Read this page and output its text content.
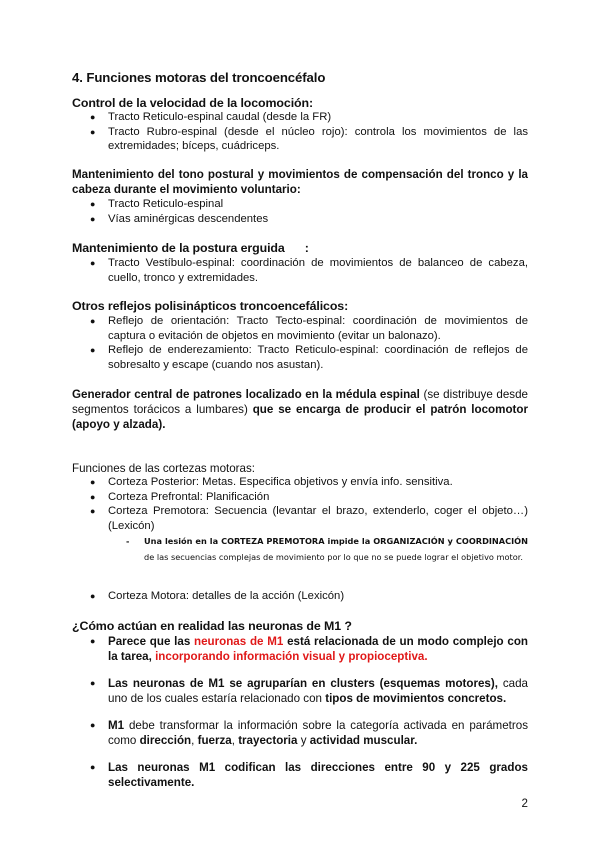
4. Funciones motoras del troncoencéfalo
Control de la velocidad de la locomoción:
● Tracto Reticulo-espinal caudal (desde la FR)
● Tracto Rubro-espinal (desde el núcleo rojo): controla los movimientos de las extremidades; bíceps, cuádriceps.
Mantenimiento del tono postural y movimientos de compensación del tronco y la cabeza durante el movimiento voluntario:
● Tracto Reticulo-espinal
● Vías aminérgicas descendentes
Mantenimiento de la postura erguida :
● Tracto Vestíbulo-espinal: coordinación de movimientos de balanceo de cabeza, cuello, tronco y extremidades.
Otros reflejos polisinápticos troncoencefálicos:
● Reflejo de orientación: Tracto Tecto-espinal: coordinación de movimientos de captura o evitación de objetos en movimiento (evitar un balonazo).
● Reflejo de enderezamiento: Tracto Reticulo-espinal: coordinación de reflejos de sobresalto y escape (cuando nos asustan).
Generador central de patrones localizado en la médula espinal (se distribuye desde segmentos torácicos a lumbares) que se encarga de producir el patrón locomotor (apoyo y alzada).
Funciones de las cortezas motoras:
● Corteza Posterior: Metas. Especifica objetivos y envía info. sensitiva.
● Corteza Prefrontal: Planificación
● Corteza Premotora: Secuencia (levantar el brazo, extenderlo, coger el objeto…) (Lexicón)
- Una lesión en la CORTEZA PREMOTORA impide la ORGANIZACIÓN y COORDINACIÓN de las secuencias complejas de movimiento por lo que no se puede lograr el objetivo motor.
● Corteza Motora: detalles de la acción (Lexicón)
¿Cómo actúan en realidad las neuronas de M1 ?
● Parece que las neuronas de M1 está relacionada de un modo complejo con la tarea, incorporando información visual y propioceptiva.
● Las neuronas de M1 se agruparían en clusters (esquemas motores), cada uno de los cuales estaría relacionado con tipos de movimientos concretos.
● M1 debe transformar la información sobre la categoría activada en parámetros como dirección, fuerza, trayectoria y actividad muscular.
● Las neuronas M1 codifican las direcciones entre 90 y 225 grados selectivamente.
2
